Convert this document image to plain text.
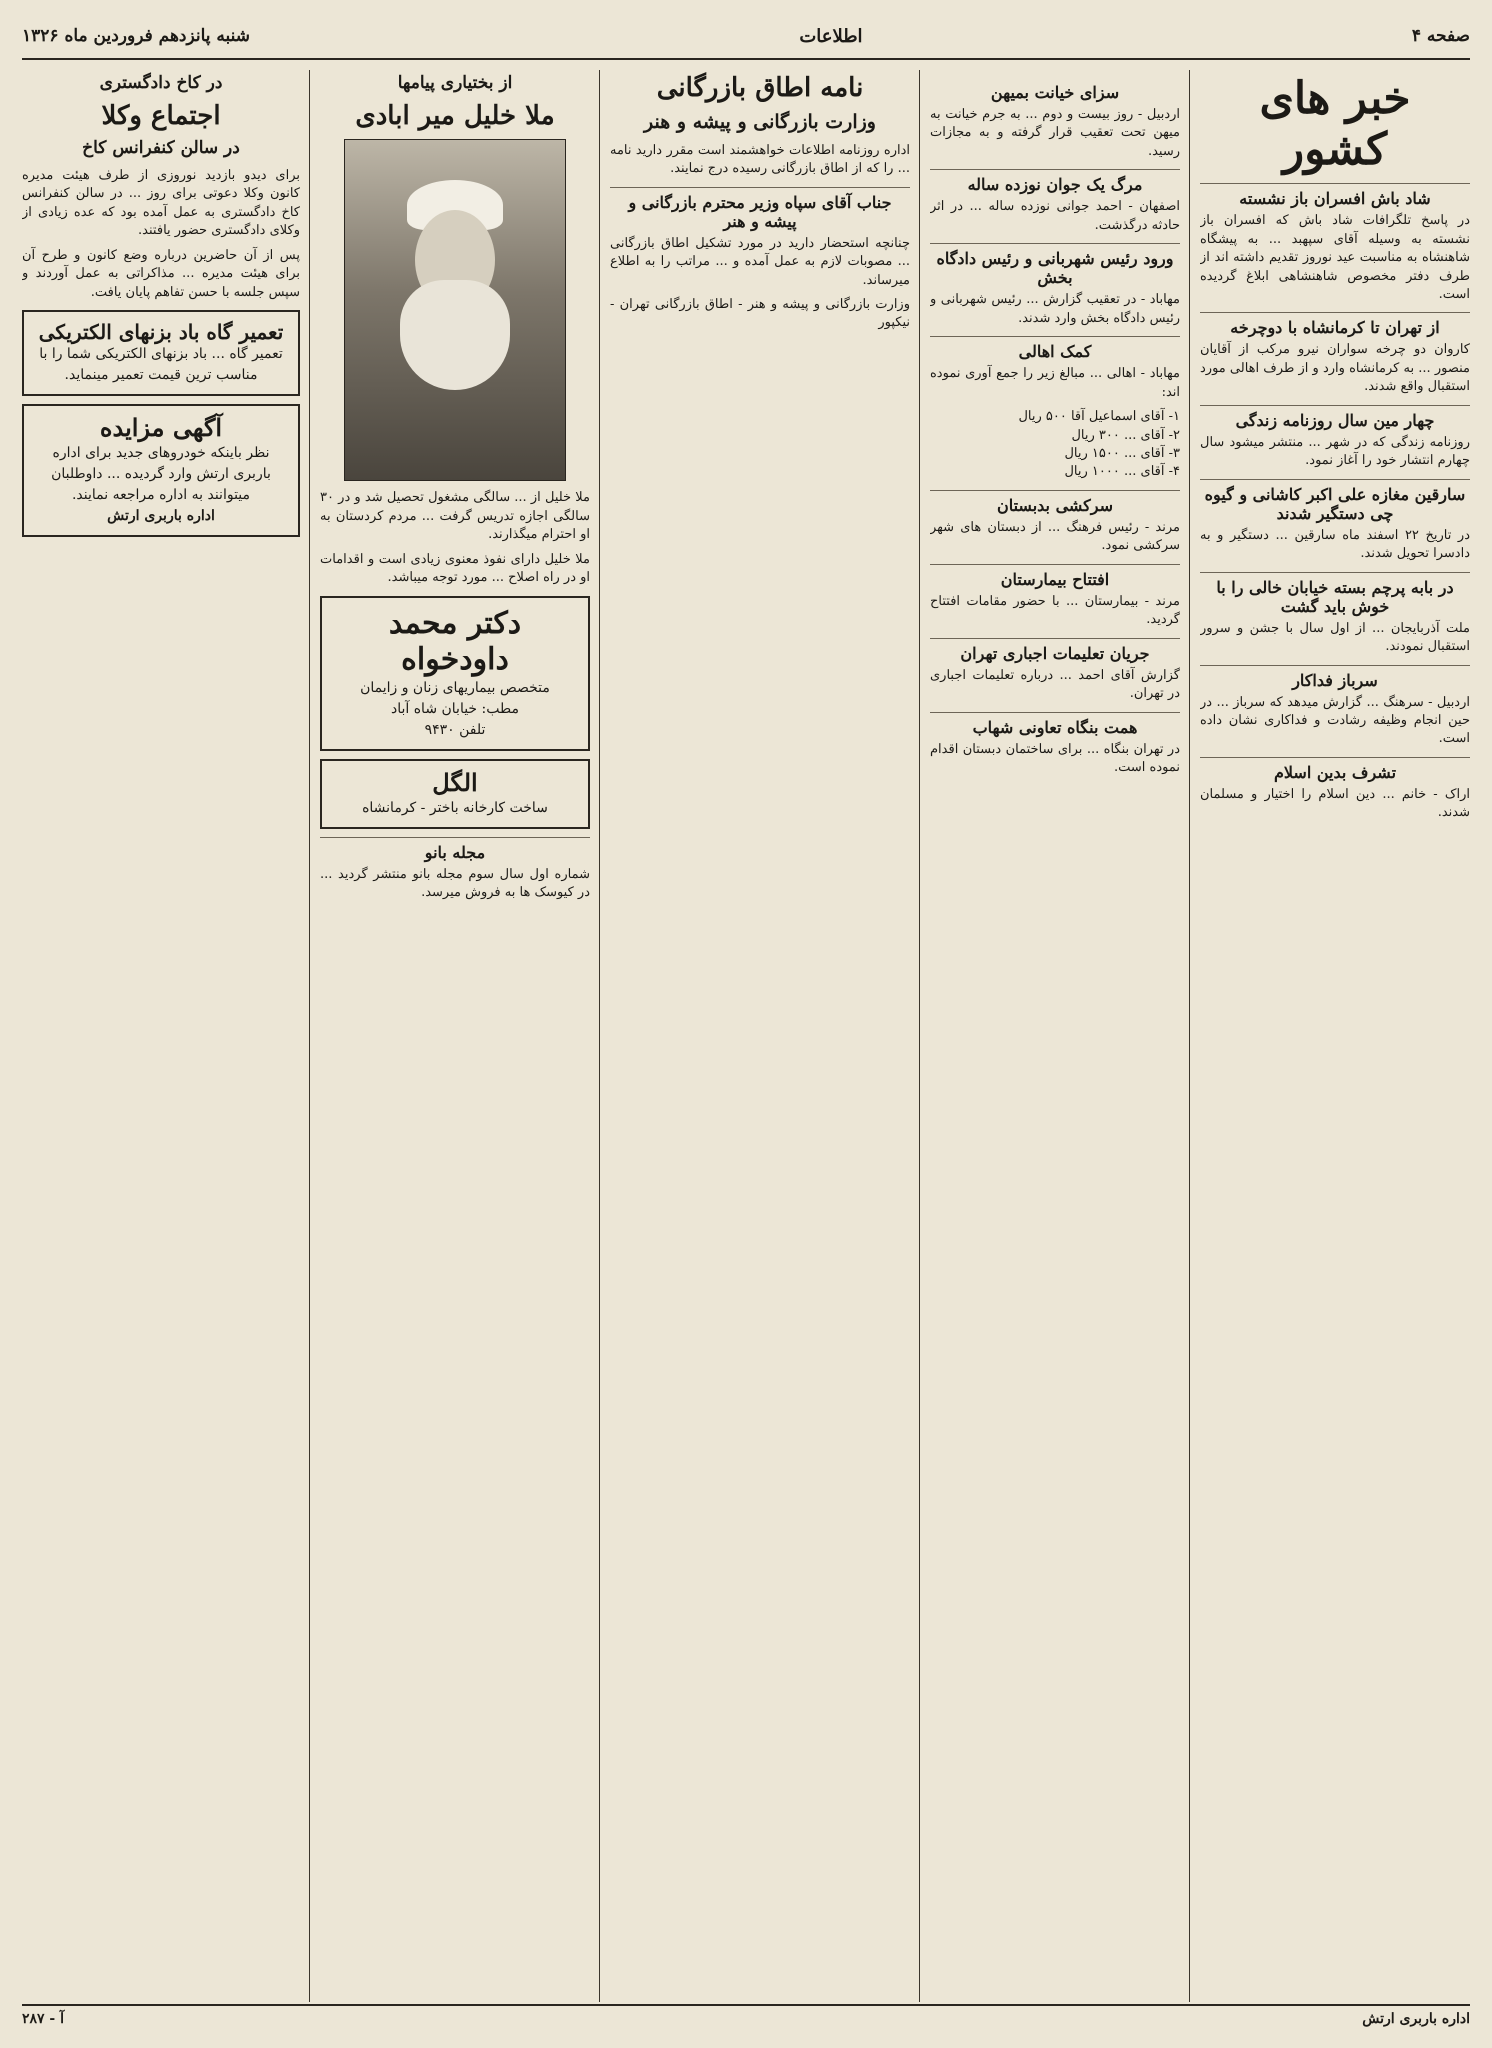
صفحه ۴
اطلاعات
شنبه پانزدهم فروردین ماه ۱۳۲۶
خبر های کشور
شاد باش افسران باز نشسته

در پاسخ تلگرافات شاد باش که افسران باز نشسته به وسیله آقای سپهبد ... به پیشگاه شاهنشاه به مناسبت عید نوروز تقدیم داشته اند از طرف دفتر مخصوص شاهنشاهی ابلاغ گردیده است.

از تهران تا کرمانشاه با دوچرخه

کاروان دو چرخه سواران نیرو مرکب از آقایان منصور ... به کرمانشاه وارد و از طرف اهالی مورد استقبال واقع شدند.

چهار مین سال روزنامه زندگی

روزنامه زندگی که در شهر ... منتشر میشود سال چهارم انتشار خود را آغاز نمود.

سارقین مغازه علی اکبر کاشانی و گیوه چی دستگیر شدند

در تاریخ ۲۲ اسفند ماه سارقین ... دستگیر و به دادسرا تحویل شدند.

در بابه پرچم بسته خیابان خالی را با خوش باید گشت

ملت آذربایجان ... از اول سال با جشن و سرور استقبال نمودند.

سرباز فداکار

اردبیل - سرهنگ ... گزارش میدهد که سرباز ... در حین انجام وظیفه رشادت و فداکاری نشان داده است.

تشرف بدین اسلام

اراک - خانم ... دین اسلام را اختیار و مسلمان شدند.

سزای خیانت بمیهن

اردبیل - روز بیست و دوم ... به جرم خیانت به میهن تحت تعقیب قرار گرفته و به مجازات رسید.

مرگ یک جوان نوزده ساله

اصفهان - احمد جوانی نوزده ساله ... در اثر حادثه درگذشت.

ورود رئیس شهربانی و رئیس دادگاه بخش

مهاباد - در تعقیب گزارش ... رئیس شهربانی و رئیس دادگاه بخش وارد شدند.

کمک اهالی

مهاباد - اهالی ... مبالغ زیر را جمع آوری نموده اند:

۱- آقای اسماعیل آقا ۵۰۰ ریال
۲- آقای ... ۳۰۰ ریال
۳- آقای ... ۱۵۰۰ ریال
۴- آقای ... ۱۰۰۰ ریال

سرکشی بدبستان

مرند - رئیس فرهنگ ... از دبستان های شهر سرکشی نمود.

افتتاح بیمارستان

مرند - بیمارستان ... با حضور مقامات افتتاح گردید.

جریان تعلیمات اجباری تهران

گزارش آقای احمد ... درباره تعلیمات اجباری در تهران.

همت بنگاه تعاونی شهاب

در تهران بنگاه ... برای ساختمان دبستان اقدام نموده است.

نامه اطاق بازرگانی
وزارت بازرگانی و پیشه و هنر

اداره روزنامه اطلاعات خواهشمند است مقرر دارید نامه ... را که از اطاق بازرگانی رسیده درج نمایند.

جناب آقای سپاه وزیر محترم بازرگانی و پیشه و هنر

چنانچه استحضار دارید در مورد تشکیل اطاق بازرگانی ... مصوبات لازم به عمل آمده و ... مراتب را به اطلاع میرساند.

وزارت بازرگانی و پیشه و هنر - اطاق بازرگانی تهران - نیکپور

از بختیاری پیامها
ملا خلیل میر ابادی

ملا خلیل از ... سالگی مشغول تحصیل شد و در ۳۰ سالگی اجازه تدریس گرفت ... مردم کردستان به او احترام میگذارند.

ملا خلیل دارای نفوذ معنوی زیادی است و اقدامات او در راه اصلاح ... مورد توجه میباشد.

دکتر محمد داودخواه
متخصص بیماریهای زنان و زایمان
مطب: خیابان شاه آباد
تلفن ۹۴۳۰
الگل
ساخت کارخانه باختر - کرمانشاه
مجله بانو

شماره اول سال سوم مجله بانو منتشر گردید ... در کیوسک ها به فروش میرسد.

در کاخ دادگستری
اجتماع وکلا
در سالن کنفرانس کاخ

برای دیدو بازدید نوروزی از طرف هیئت مدیره کانون وکلا دعوتی برای روز ... در سالن کنفرانس کاخ دادگستری به عمل آمده بود که عده زیادی از وکلای دادگستری حضور یافتند.

پس از آن حاضرین درباره وضع کانون و طرح آن برای هیئت مدیره ... مذاکراتی به عمل آوردند و سپس جلسه با حسن تفاهم پایان یافت.

تعمیر گاه باد بزنهای الکتریکی
تعمیر گاه ... باد بزنهای الکتریکی شما را با مناسب ترین قیمت تعمیر مینماید.
آگهی مزایده
نظر باینکه خودروهای جدید برای اداره باربری ارتش وارد گردیده ... داوطلبان میتوانند به اداره مراجعه نمایند.
اداره باربری ارتش
اداره باربری ارتش
آ - ۲۸۷
